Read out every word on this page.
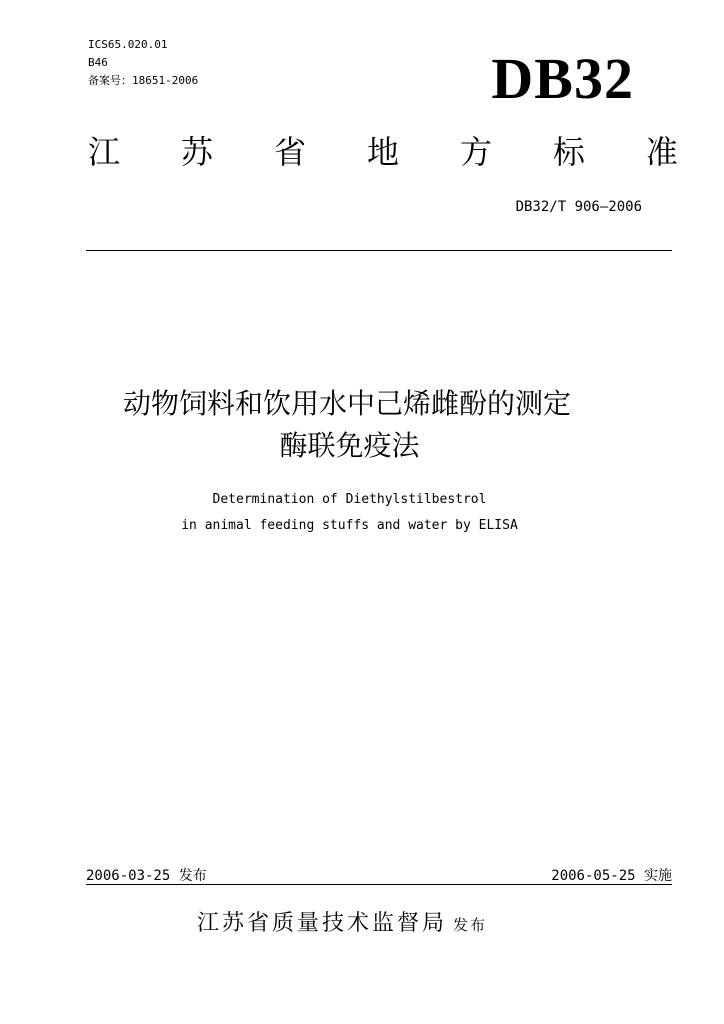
ICS65.020.01
B46
备案号：18651-2006	DB32
江 苏 省 地 方 标 准
DB32/T 906—2006
动物饲料和饮用水中己烯雌酚的测定
酶联免疫法
Determination of Diethylstilbestrol
in animal feeding stuffs and water by ELISA
2006-03-25 发布	2006-05-25 实施
江苏省质量技术监督局 发布
